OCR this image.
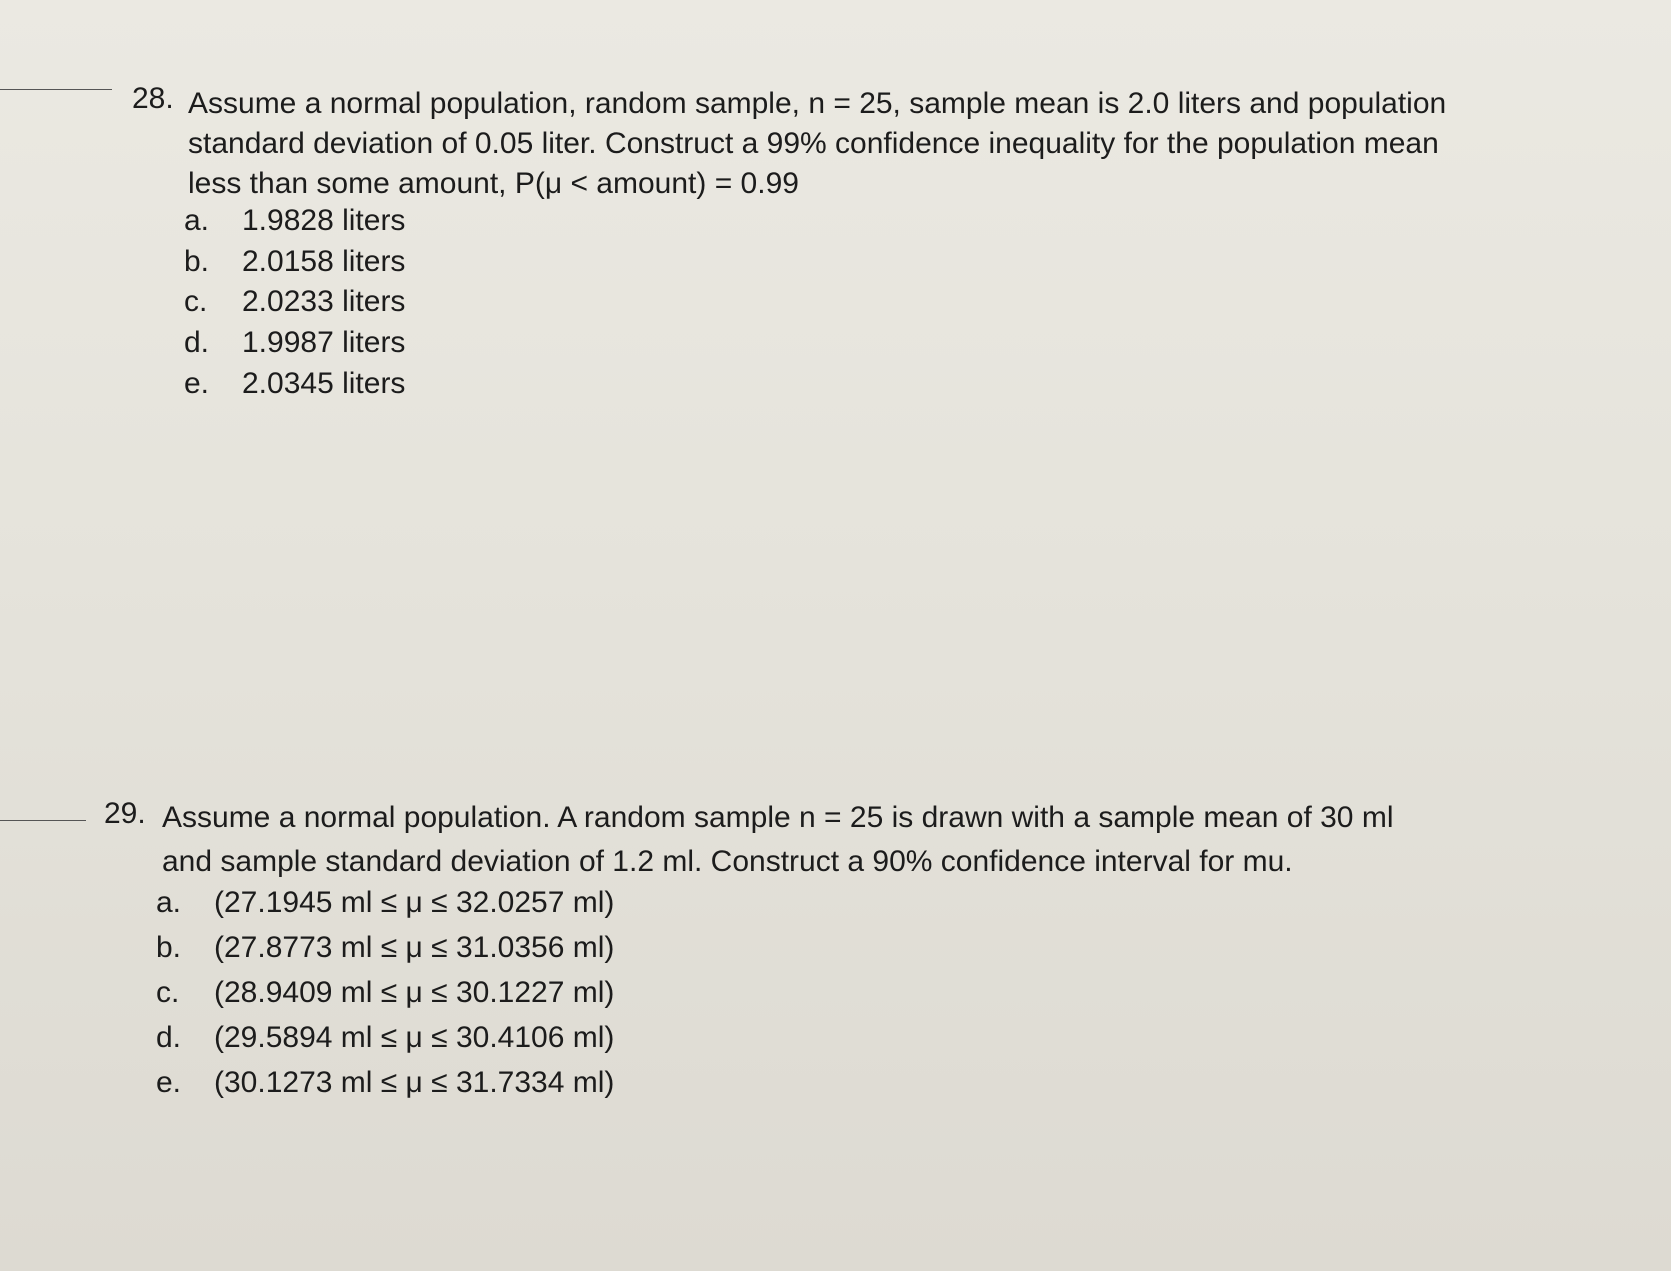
28. Assume a normal population, random sample, n = 25, sample mean is 2.0 liters and population
standard deviation of 0.05 liter. Construct a 99% confidence inequality for the population mean
less than some amount, P(μ < amount) = 0.99
a. 1.9828 liters
b. 2.0158 liters
c. 2.0233 liters
d. 1.9987 liters
e. 2.0345 liters
29. Assume a normal population. A random sample n = 25 is drawn with a sample mean of 30 ml
and sample standard deviation of 1.2 ml. Construct a 90% confidence interval for mu.
a. (27.1945 ml ≤ μ ≤ 32.0257 ml)
b. (27.8773 ml ≤ μ ≤ 31.0356 ml)
c. (28.9409 ml ≤ μ ≤ 30.1227 ml)
d. (29.5894 ml ≤ μ ≤ 30.4106 ml)
e. (30.1273 ml ≤ μ ≤ 31.7334 ml)
